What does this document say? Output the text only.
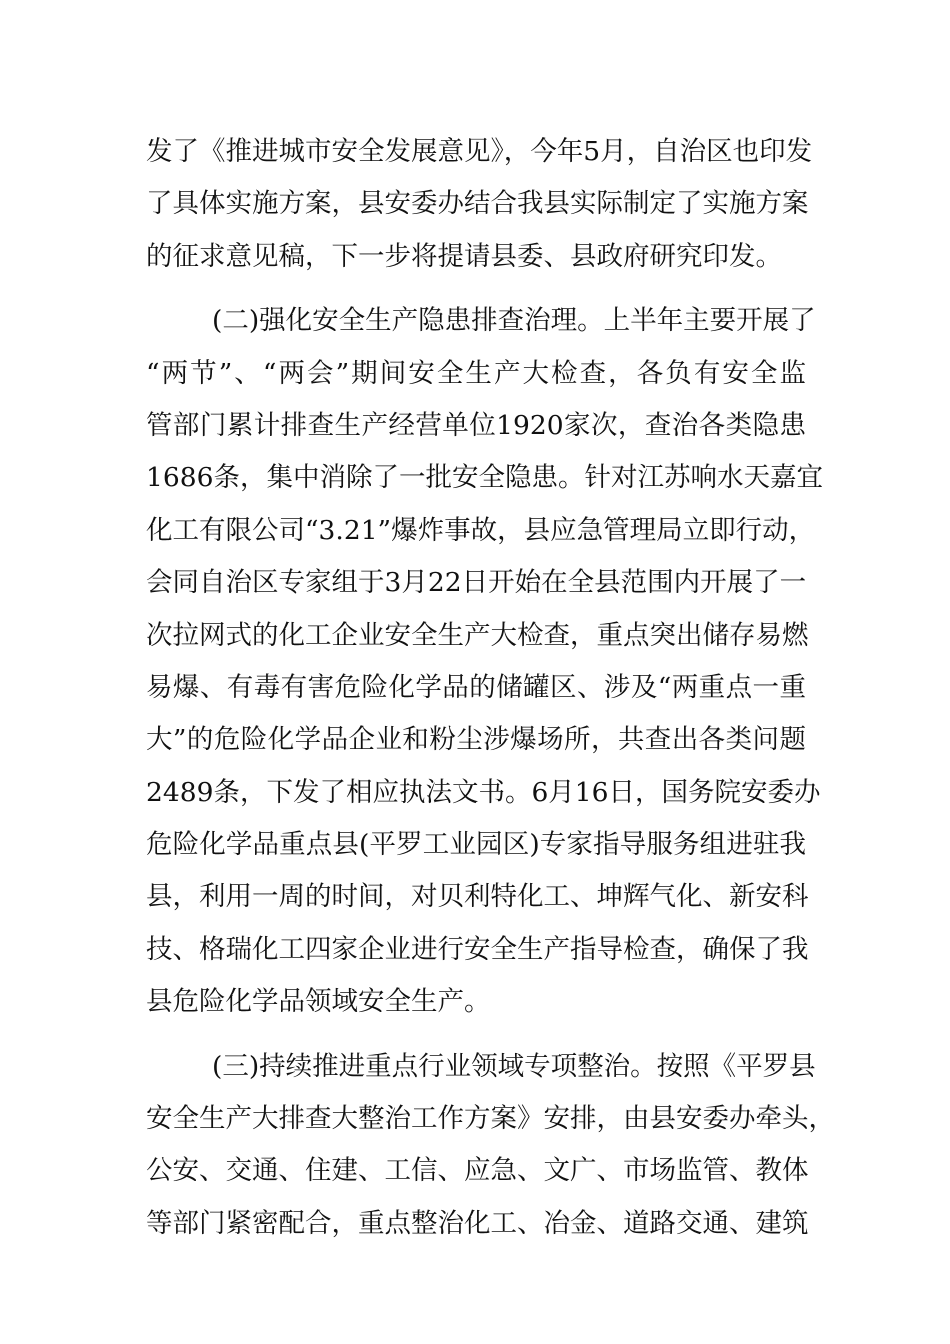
发了《推进城市安全发展意见》，今年5月，自治区也印发
了具体实施方案，县安委办结合我县实际制定了实施方案
的征求意见稿，下一步将提请县委、县政府研究印发。
(二)强化安全生产隐患排查治理。上半年主要开展了
“两节”、“两会”期间安全生产大检查，各负有安全监
管部门累计排查生产经营单位1920家次，查治各类隐患
1686条，集中消除了一批安全隐患。针对江苏响水天嘉宜
化工有限公司“3.21”爆炸事故，县应急管理局立即行动，
会同自治区专家组于3月22日开始在全县范围内开展了一
次拉网式的化工企业安全生产大检查，重点突出储存易燃
易爆、有毒有害危险化学品的储罐区、涉及“两重点一重
大”的危险化学品企业和粉尘涉爆场所，共查出各类问题
2489条，下发了相应执法文书。6月16日，国务院安委办
危险化学品重点县(平罗工业园区)专家指导服务组进驻我
县，利用一周的时间，对贝利特化工、坤辉气化、新安科
技、格瑞化工四家企业进行安全生产指导检查，确保了我
县危险化学品领域安全生产。
(三)持续推进重点行业领域专项整治。按照《平罗县
安全生产大排查大整治工作方案》安排，由县安委办牵头，
公安、交通、住建、工信、应急、文广、市场监管、教体
等部门紧密配合，重点整治化工、冶金、道路交通、建筑
